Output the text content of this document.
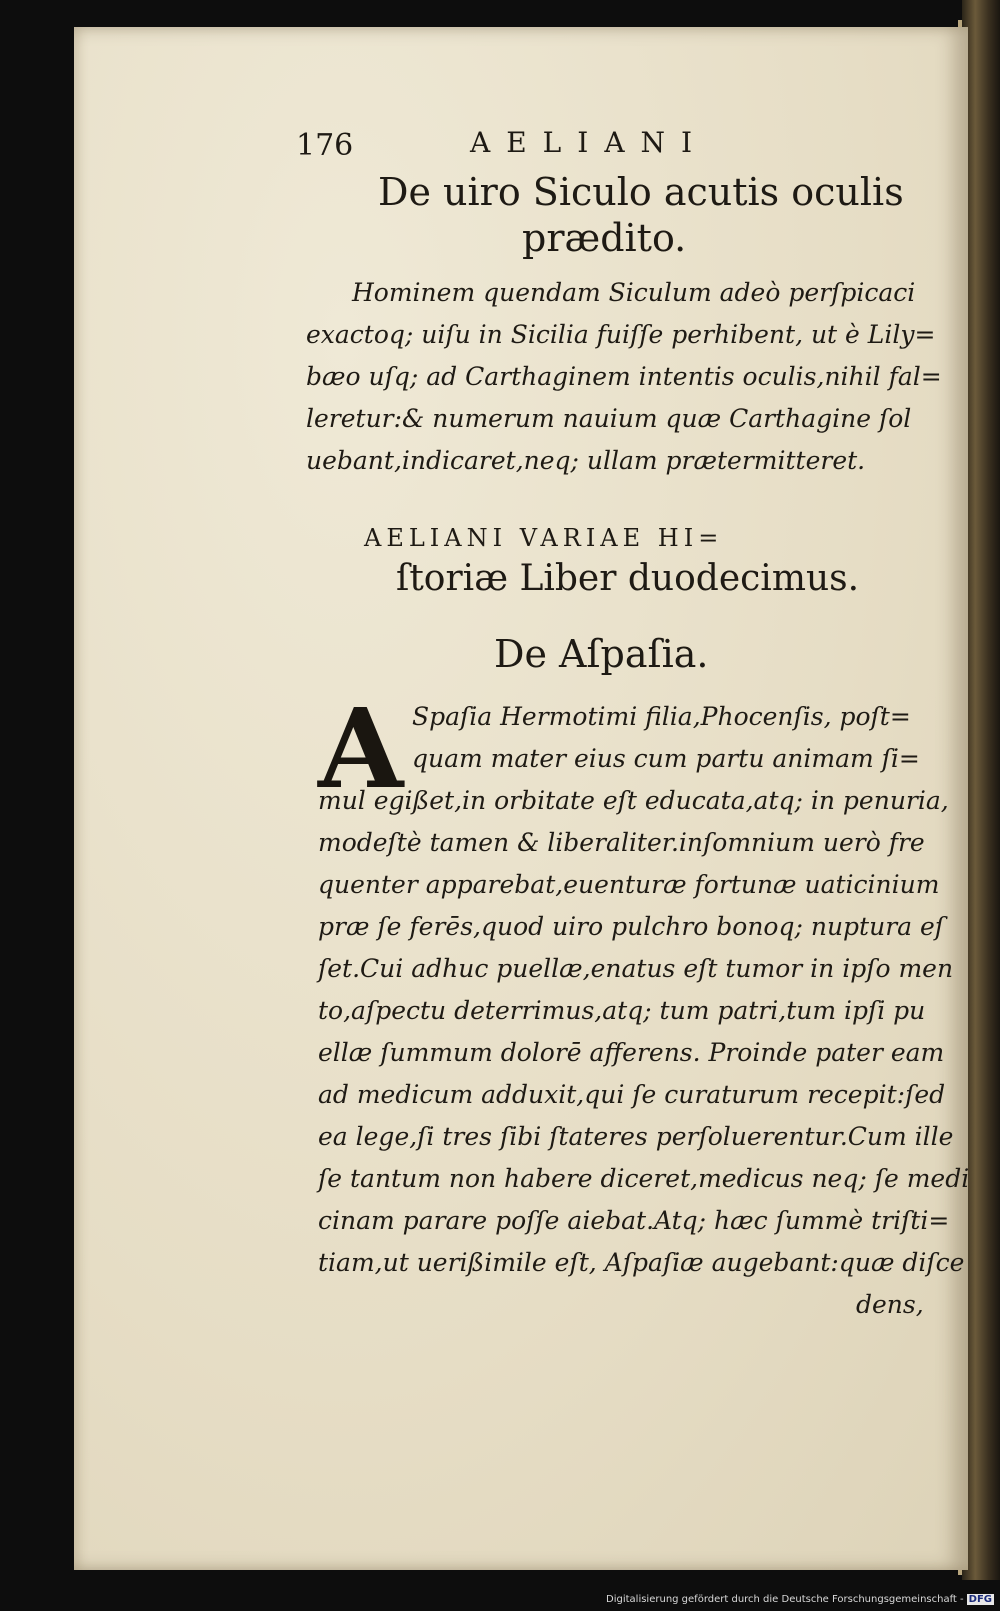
176	AELIANI
De uiro Siculo acutis oculis
prædito.
Hominem quendam Siculum adeò perſpicaci
exactoq; uiſu in Sicilia fuiſſe perhibent, ut è Lily=
bæo uſq; ad Carthaginem intentis oculis,nihil fal=
leretur:& numerum nauium quæ Carthagine ſol
uebant,indicaret,neq; ullam prætermitteret.
AELIANI VARIAE HI=
ſtoriæ Liber duodecimus.
De Aſpaſia.
A Spaſia Hermotimi filia,Phocenſis, poſt=
quam mater eius cum partu animam ſi=
mul egißet,in orbitate eſt educata,atq; in penuria,
modeſtè tamen & liberaliter.inſomnium uerò fre
quenter apparebat,euenturæ fortunæ uaticinium
præ ſe ferēs,quod uiro pulchro bonoq; nuptura eſ
ſet.Cui adhuc puellæ,enatus eſt tumor in ipſo men
to,aſpectu deterrimus,atq; tum patri,tum ipſi pu
ellæ ſummum dolorē afferens. Proinde pater eam
ad medicum adduxit,qui ſe curaturum recepit:ſed
ea lege,ſi tres ſibi ſtateres perſoluerentur.Cum ille
ſe tantum non habere diceret,medicus neq; ſe medi
cinam parare poſſe aiebat.Atq; hæc ſummè triſti=
tiam,ut uerißimile eſt, Aſpaſiæ augebant:quæ diſce
dens,
Digitalisierung gefördert durch die Deutsche Forschungsgemeinschaft - DFG
